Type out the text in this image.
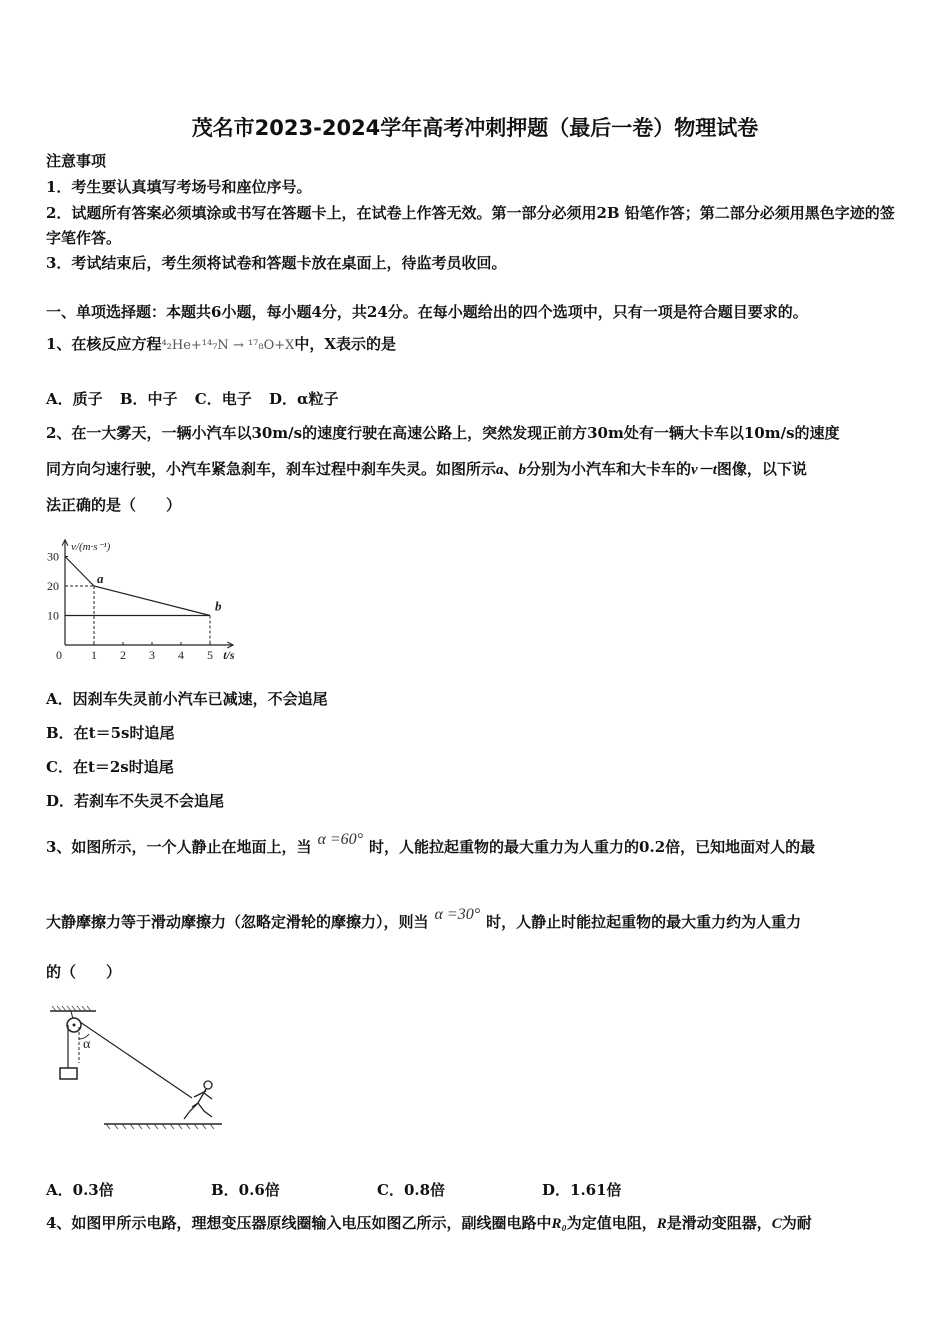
茂名市2023-2024学年高考冲刺押题（最后一卷）物理试卷
注意事项
1．考生要认真填写考场号和座位序号。
2．试题所有答案必须填涂或书写在答题卡上，在试卷上作答无效。第一部分必须用2B 铅笔作答；第二部分必须用黑色字迹的签字笔作答。
3．考试结束后，考生须将试卷和答题卡放在桌面上，待监考员收回。
一、单项选择题：本题共6小题，每小题4分，共24分。在每小题给出的四个选项中，只有一项是符合题目要求的。
1、在核反应方程⁴₂He+¹⁴₇N → ¹⁷₈O+X中，X表示的是
A．质子 B．中子 C．电子 D．α粒子
2、在一大雾天，一辆小汽车以30m/s的速度行驶在高速公路上，突然发现正前方30m处有一辆大卡车以10m/s的速度
同方向匀速行驶，小汽车紧急刹车，刹车过程中刹车失灵。如图所示a、b分别为小汽车和大卡车的v－t图像，以下说
法正确的是（　　）
v/(m·s⁻¹)
t/s
0 1 2 3 4 5
10
20
30
a
b
A．因刹车失灵前小汽车已减速，不会追尾
B．在t＝5s时追尾
C．在t＝2s时追尾
D．若刹车不失灵不会追尾
3、如图所示，一个人静止在地面上，当 α =60° 时，人能拉起重物的最大重力为人重力的0.2倍，已知地面对人的最
大静摩擦力等于滑动摩擦力（忽略定滑轮的摩擦力），则当 α =30° 时，人静止时能拉起重物的最大重力约为人重力
的（　　）
α
A．0.3倍	B．0.6倍	C．0.8倍	D．1.61倍
4、如图甲所示电路，理想变压器原线圈输入电压如图乙所示，副线圈电路中R₀为定值电阻，R是滑动变阻器，C为耐
